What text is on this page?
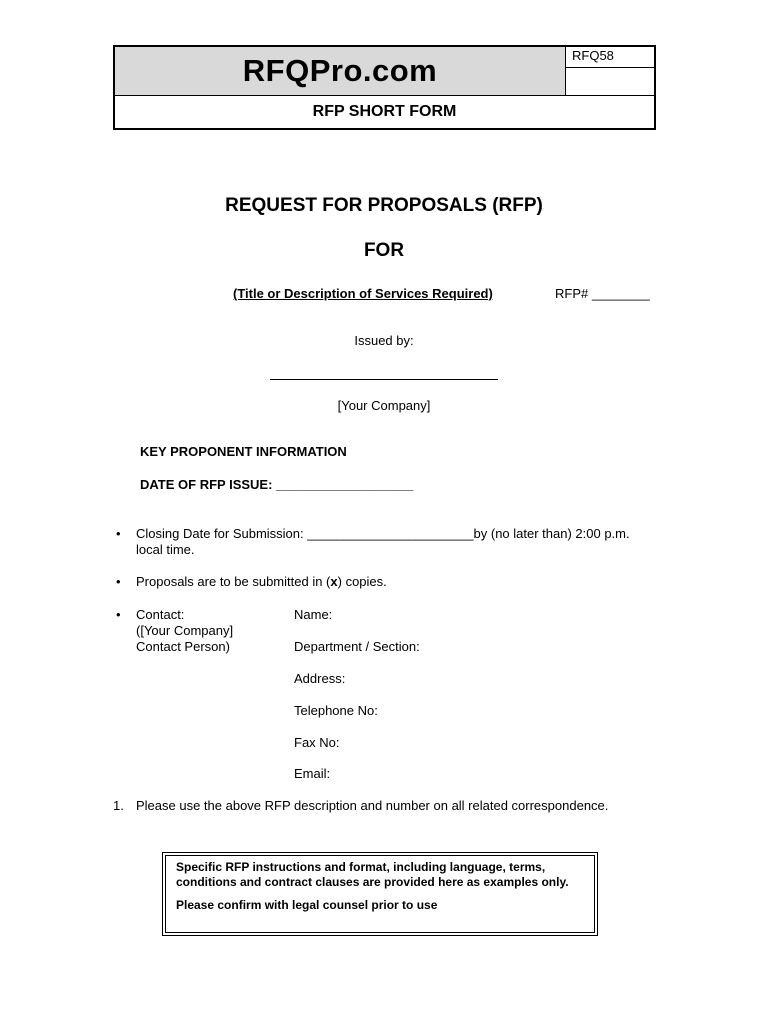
RFQPro.com	RFQ58
RFP SHORT FORM
REQUEST FOR PROPOSALS (RFP)
FOR
(Title or Description of Services Required)	RFP# ________
Issued by:
[Your Company]
KEY PROPONENT INFORMATION
DATE OF RFP ISSUE: ___________________
• Closing Date for Submission: _______________________by (no later than) 2:00 p.m. local time.
• Proposals are to be submitted in (x) copies.
• Contact:
([Your Company]
Contact Person)
Name:
Department / Section:
Address:
Telephone No:
Fax No:
Email:
1. Please use the above RFP description and number on all related correspondence.

Specific RFP instructions and format, including language, terms, conditions and contract clauses are provided here as examples only.

Please confirm with legal counsel prior to use
